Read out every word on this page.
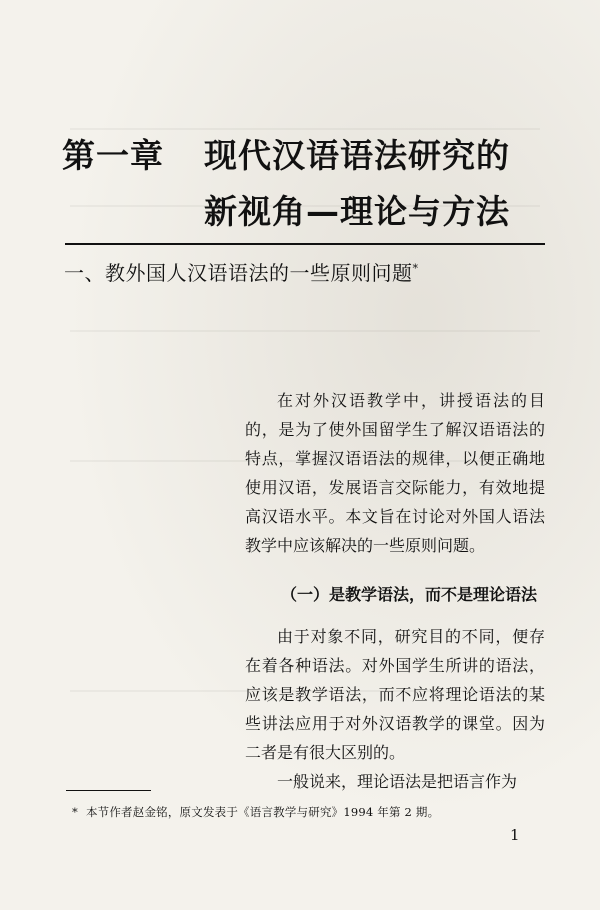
第一章	现代汉语语法研究的
新视角—理论与方法
一、教外国人汉语语法的一些原则问题*

在对外汉语教学中，讲授语法的目的，是为了使外国留学生了解汉语语法的特点，掌握汉语语法的规律，以便正确地使用汉语，发展语言交际能力，有效地提高汉语水平。本文旨在讨论对外国人语法教学中应该解决的一些原则问题。

（一）是教学语法，而不是理论语法

由于对象不同，研究目的不同，便存在着各种语法。对外国学生所讲的语法，应该是教学语法，而不应将理论语法的某些讲法应用于对外汉语教学的课堂。因为二者是有很大区别的。

一般说来，理论语法是把语言作为

* 本节作者赵金铭，原文发表于《语言教学与研究》1994 年第 2 期。
1
